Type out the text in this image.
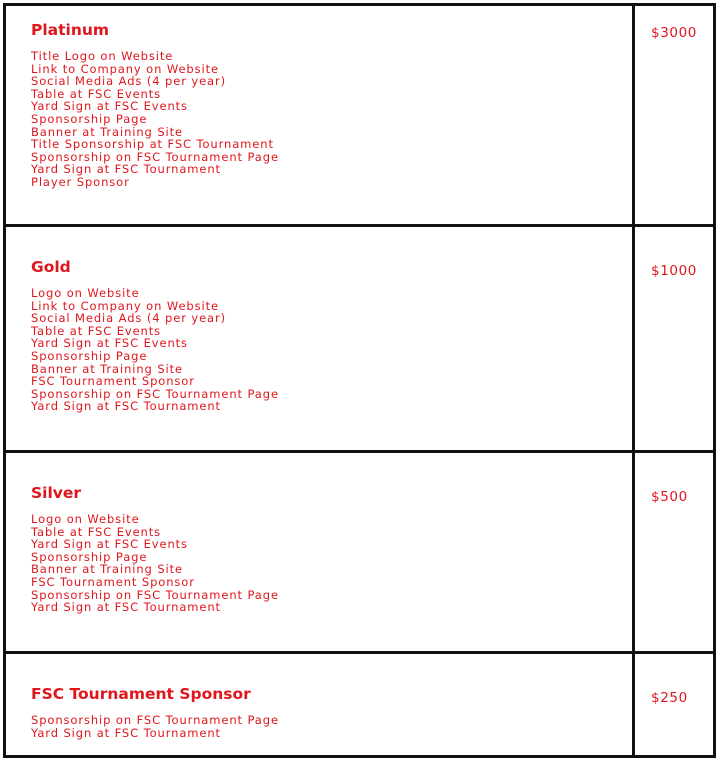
Platinum
Title Logo on Website
Link to Company on Website
Social Media Ads (4 per year)
Table at FSC Events
Yard Sign at FSC Events
Sponsorship Page
Banner at Training Site
Title Sponsorship at FSC Tournament
Sponsorship on FSC Tournament Page
Yard Sign at FSC Tournament
Player Sponsor
$3000
Gold
Logo on Website
Link to Company on Website
Social Media Ads (4 per year)
Table at FSC Events
Yard Sign at FSC Events
Sponsorship Page
Banner at Training Site
FSC Tournament Sponsor
Sponsorship on FSC Tournament Page
Yard Sign at FSC Tournament
$1000
Silver
Logo on Website
Table at FSC Events
Yard Sign at FSC Events
Sponsorship Page
Banner at Training Site
FSC Tournament Sponsor
Sponsorship on FSC Tournament Page
Yard Sign at FSC Tournament
$500
FSC Tournament Sponsor
Sponsorship on FSC Tournament Page
Yard Sign at FSC Tournament
$250
